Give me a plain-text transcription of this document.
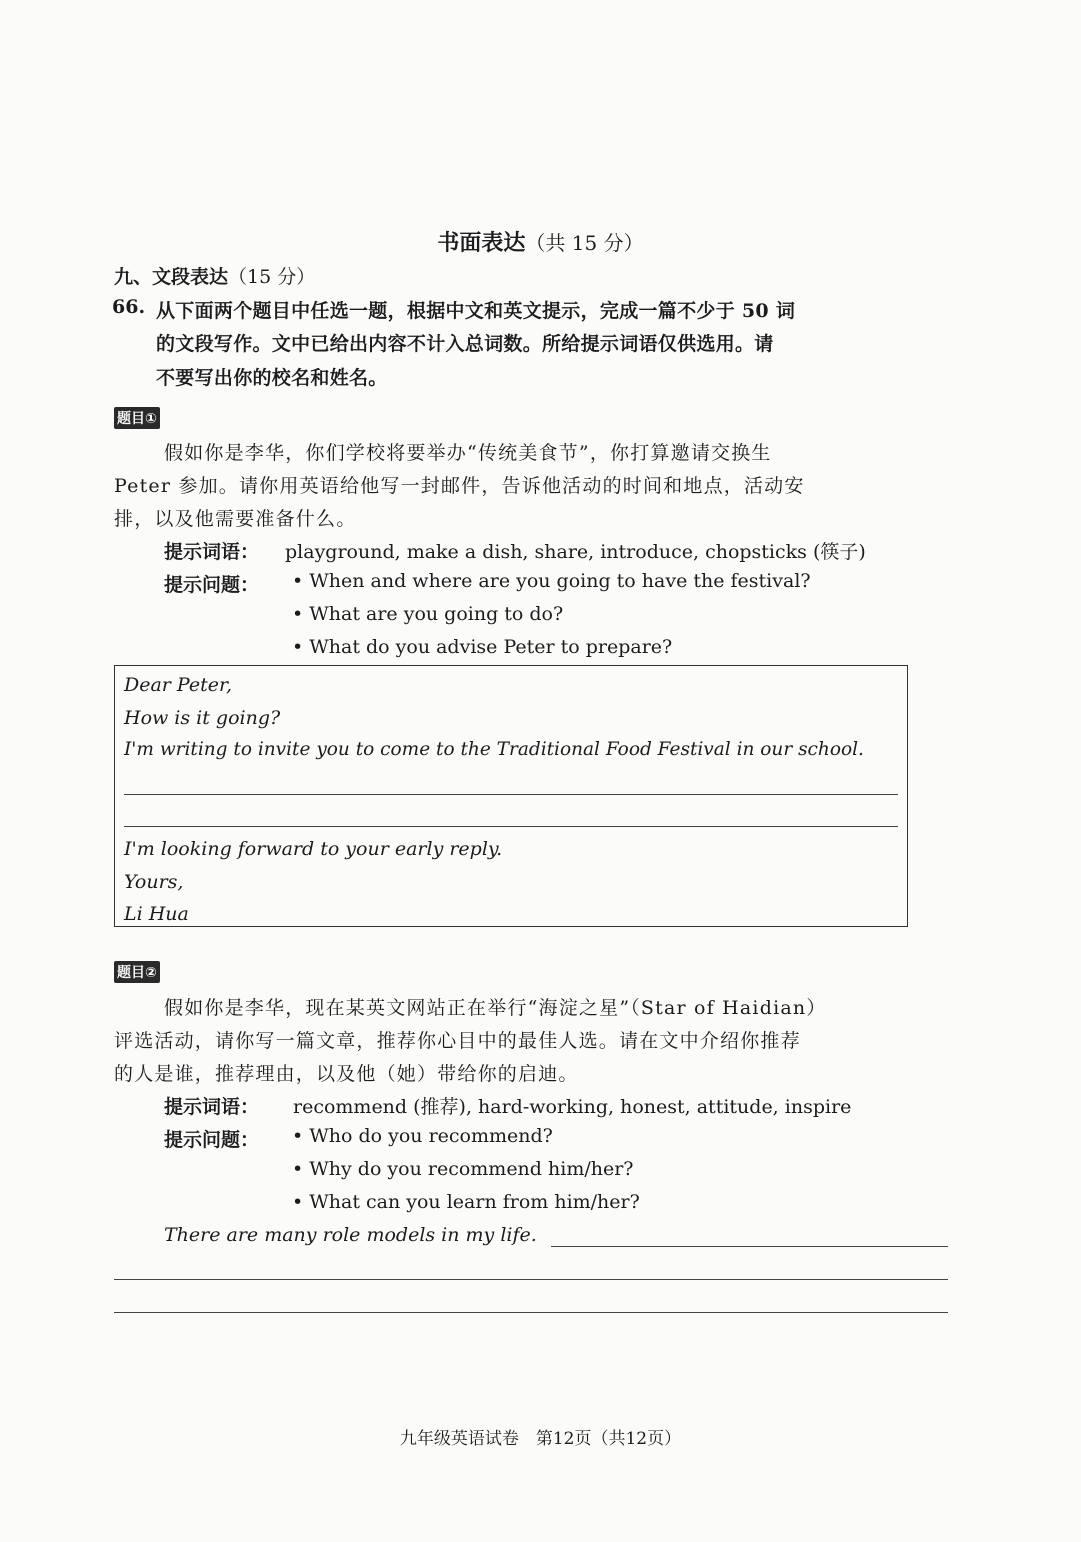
书面表达（共 15 分）
九、文段表达（15 分）
66. 从下面两个题目中任选一题，根据中文和英文提示，完成一篇不少于 50 词
的文段写作。文中已给出内容不计入总词数。所给提示词语仅供选用。请
不要写出你的校名和姓名。
题目①
假如你是李华，你们学校将要举办“传统美食节”，你打算邀请交换生
Peter 参加。请你用英语给他写一封邮件，告诉他活动的时间和地点，活动安
排，以及他需要准备什么。
提示词语： playground, make a dish, share, introduce, chopsticks (筷子)
提示问题： • When and where are you going to have the festival?
• What are you going to do?
• What do you advise Peter to prepare?
Dear Peter,
How is it going?
I'm writing to invite you to come to the Traditional Food Festival in our school.
I'm looking forward to your early reply.
Yours,
Li Hua
题目②
假如你是李华，现在某英文网站正在举行“海淀之星”（Star of Haidian）
评选活动，请你写一篇文章，推荐你心目中的最佳人选。请在文中介绍你推荐
的人是谁，推荐理由，以及他（她）带给你的启迪。
提示词语： recommend (推荐), hard-working, honest, attitude, inspire
提示问题： • Who do you recommend?
• Why do you recommend him/her?
• What can you learn from him/her?
There are many role models in my life.
九年级英语试卷　第12页（共12页）
